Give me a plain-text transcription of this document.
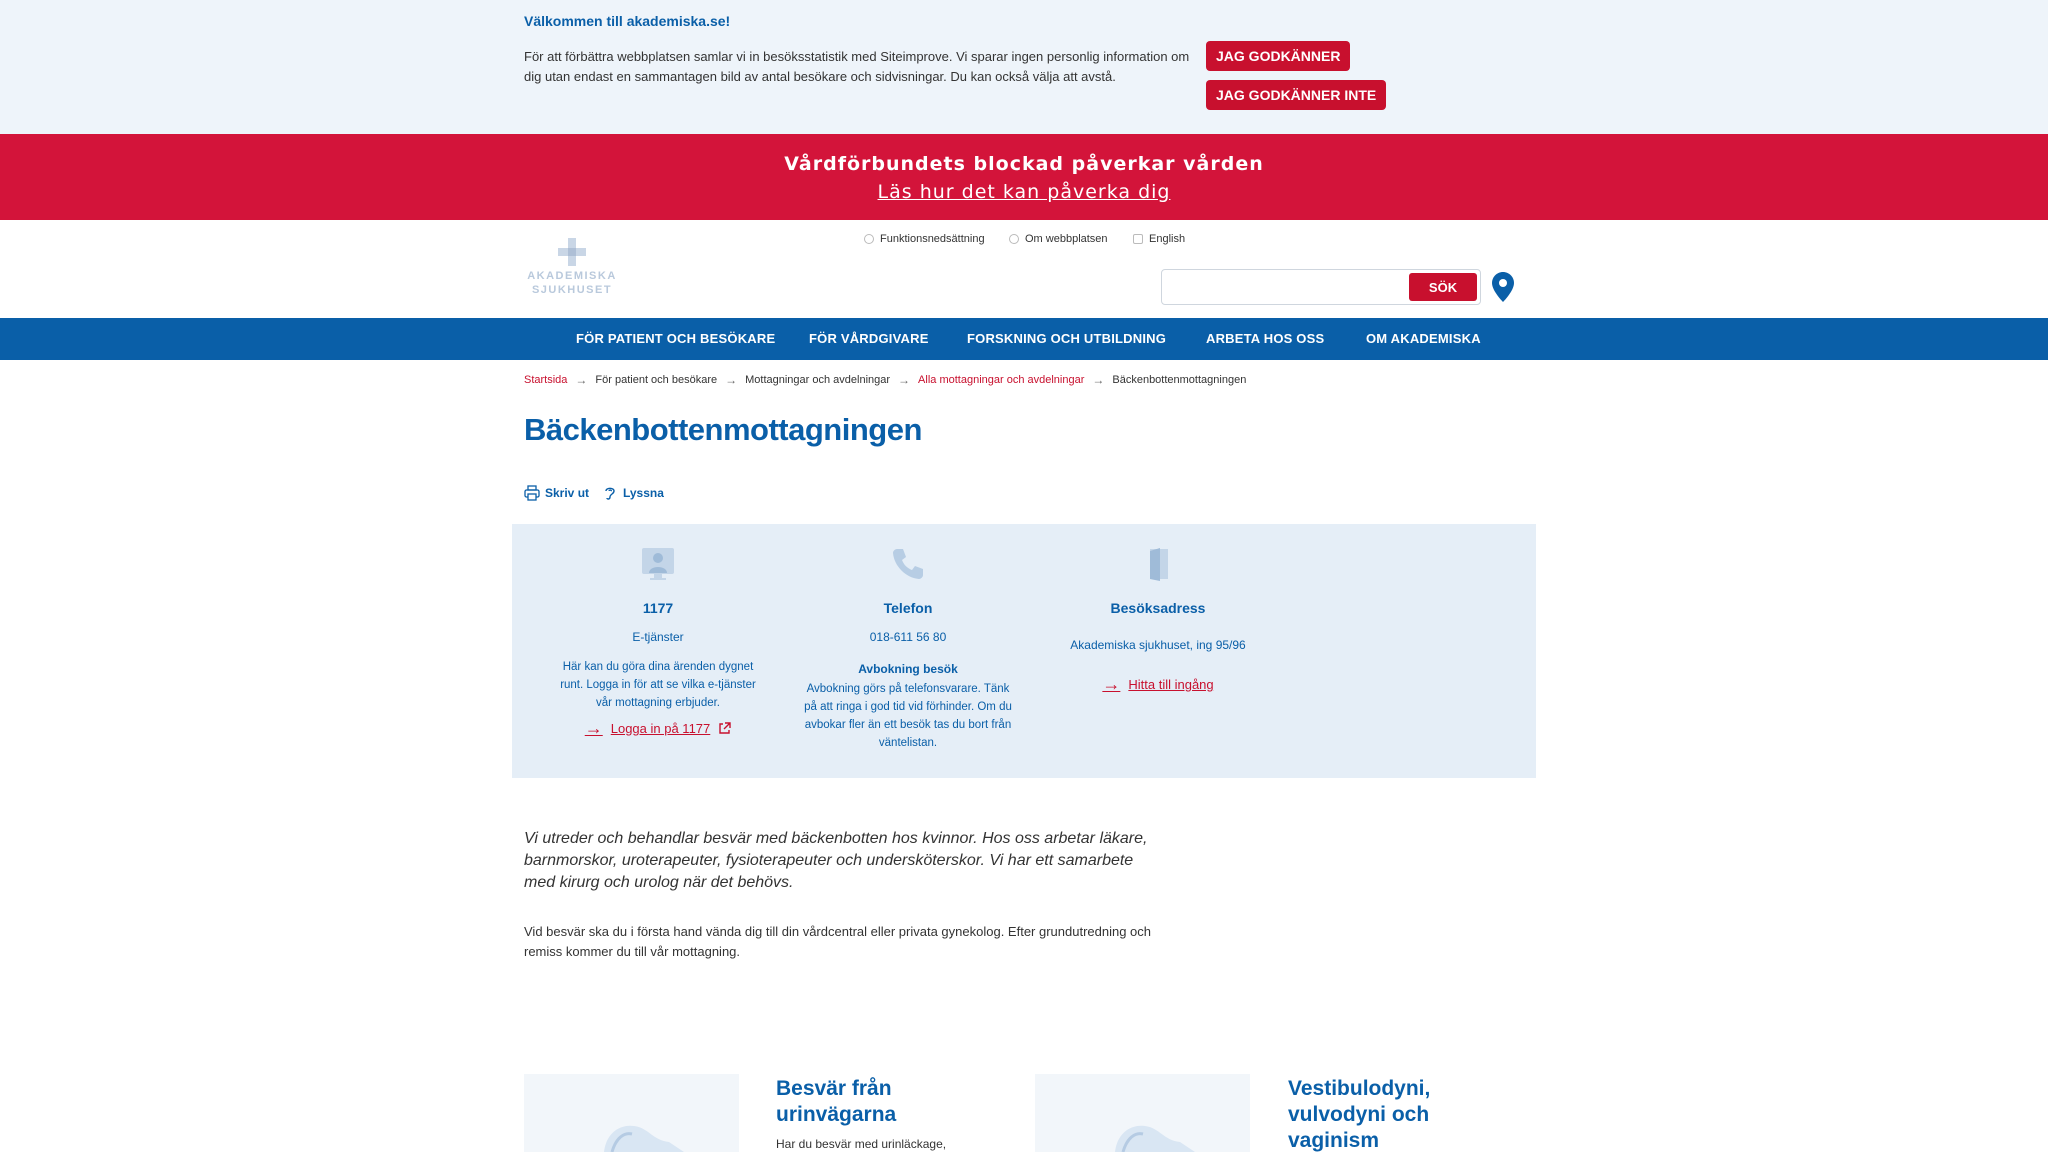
Välkommen till akademiska.se!
För att förbättra webbplatsen samlar vi in besöksstatistik med Siteimprove. Vi sparar ingen personlig information om dig utan endast en sammantagen bild av antal besökare och sidvisningar. Du kan också välja att avstå.
JAG GODKÄNNER
JAG GODKÄNNER INTE
Vårdförbundets blockad påverkar vården
Läs hur det kan påverka dig
AKADEMISKA
SJUKHUSET
Funktionsnedsättning	Om webbplatsen	English
SÖK
FÖR PATIENT OCH BESÖKARE	FÖR VÅRDGIVARE	FORSKNING OCH UTBILDNING	ARBETA HOS OSS	OM AKADEMISKA
Startsida → För patient och besökare → Mottagningar och avdelningar → Alla mottagningar och avdelningar → Bäckenbottenmottagningen
Bäckenbottenmottagningen
Skriv ut	Lyssna
1177
E-tjänster
Här kan du göra dina ärenden dygnet runt. Logga in för att se vilka e-tjänster vår mottagning erbjuder.
→ Logga in på 1177
Telefon
018-611 56 80
Avbokning besök
Avbokning görs på telefonsvarare. Tänk på att ringa i god tid vid förhinder. Om du avbokar fler än ett besök tas du bort från väntelistan.
Besöksadress
Akademiska sjukhuset, ing 95/96
→ Hitta till ingång

Vi utreder och behandlar besvär med bäckenbotten hos kvinnor. Hos oss arbetar läkare, barnmorskor, uroterapeuter, fysioterapeuter och undersköterskor. Vi har ett samarbete med kirurg och urolog när det behövs.

Vid besvär ska du i första hand vända dig till din vårdcentral eller privata gynekolog. Efter grundutredning och remiss kommer du till vår mottagning.

Besvär från urinvägarna
Har du besvär med urinläckage,
Vestibulodyni, vulvodyni och vaginism
